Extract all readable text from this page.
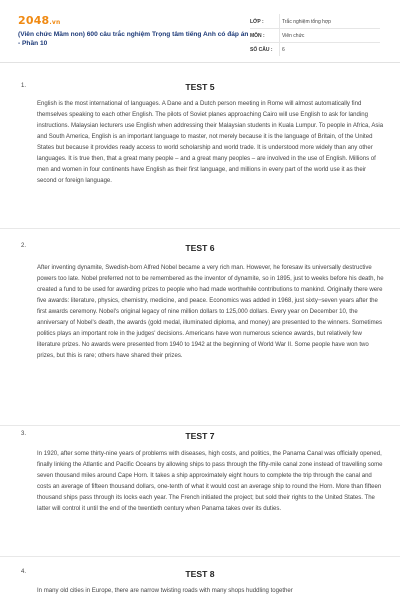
2048.vn
(Viên chức Mầm non) 600 câu trắc nghiệm Trọng tâm tiếng Anh có đáp án - Phần 10
LỚP :	Trắc nghiệm tổng hợp
MÔN :	Viên chức
SỐ CÂU :	6
1.	TEST 5
English is the most international of languages. A Dane and a Dutch person meeting in Rome will almost automatically find themselves speaking to each other English. The pilots of Soviet planes approaching Cairo will use English to ask for landing instructions. Malaysian lecturers use English when addressing their Malaysian students in Kuala Lumpur. To people in Africa, Asia and South America, English is an important language to master, not merely because it is the language of Britain, of the United States but because it provides ready access to world scholarship and world trade. It is understood more widely than any other languages. It is true then, that a great many people – and a great many peoples – are involved in the use of English. Millions of men and women in four continents have English as their first language, and millions in every part of the world use it as their second or foreign language.
2.	TEST 6
After inventing dynamite, Swedish-born Alfred Nobel became a very rich man. However, he foresaw its universally destructive powers too late. Nobel preferred not to be remembered as the inventor of dynamite, so in 1895, just to weeks before his death, he created a fund to be used for awarding prizes to people who had made worthwhile contributions to mankind. Originally there were five awards: literature, physics, chemistry, medicine, and peace. Economics was added in 1968, just sixty−seven years after the first awards ceremony. Nobel's original legacy of nine million dollars to 125,000 dollars. Every year on December 10, the anniversary of Nobel's death, the awards (gold medal, illuminated diploma, and money) are presented to the winners. Sometimes politics plays an important role in the judges' decisions. Americans have won numerous science awards, but relatively few literature prizes. No awards were presented from 1940 to 1942 at the beginning of World War II. Some people have won two prizes, but this is rare; others have shared their prizes.
3.	TEST 7
In 1920, after some thirty-nine years of problems with diseases, high costs, and politics, the Panama Canal was officially opened, finally linking the Atlantic and Pacific Oceans by allowing ships to pass through the fifty-mile canal zone instead of travelling some seven thousand miles around Cape Horn. It takes a ship approximately eight hours to complete the trip through the canal and costs an average of fifteen thousand dollars, one-tenth of what it would cost an average ship to round the Horn. More than fifteen thousand ships pass through its locks each year. The French initiated the project; but sold their rights to the United States. The latter will control it until the end of the twentieth century when Panama takes over its duties.
4.	TEST 8
In many old cities in Europe, there are narrow twisting roads with many shops huddling together
